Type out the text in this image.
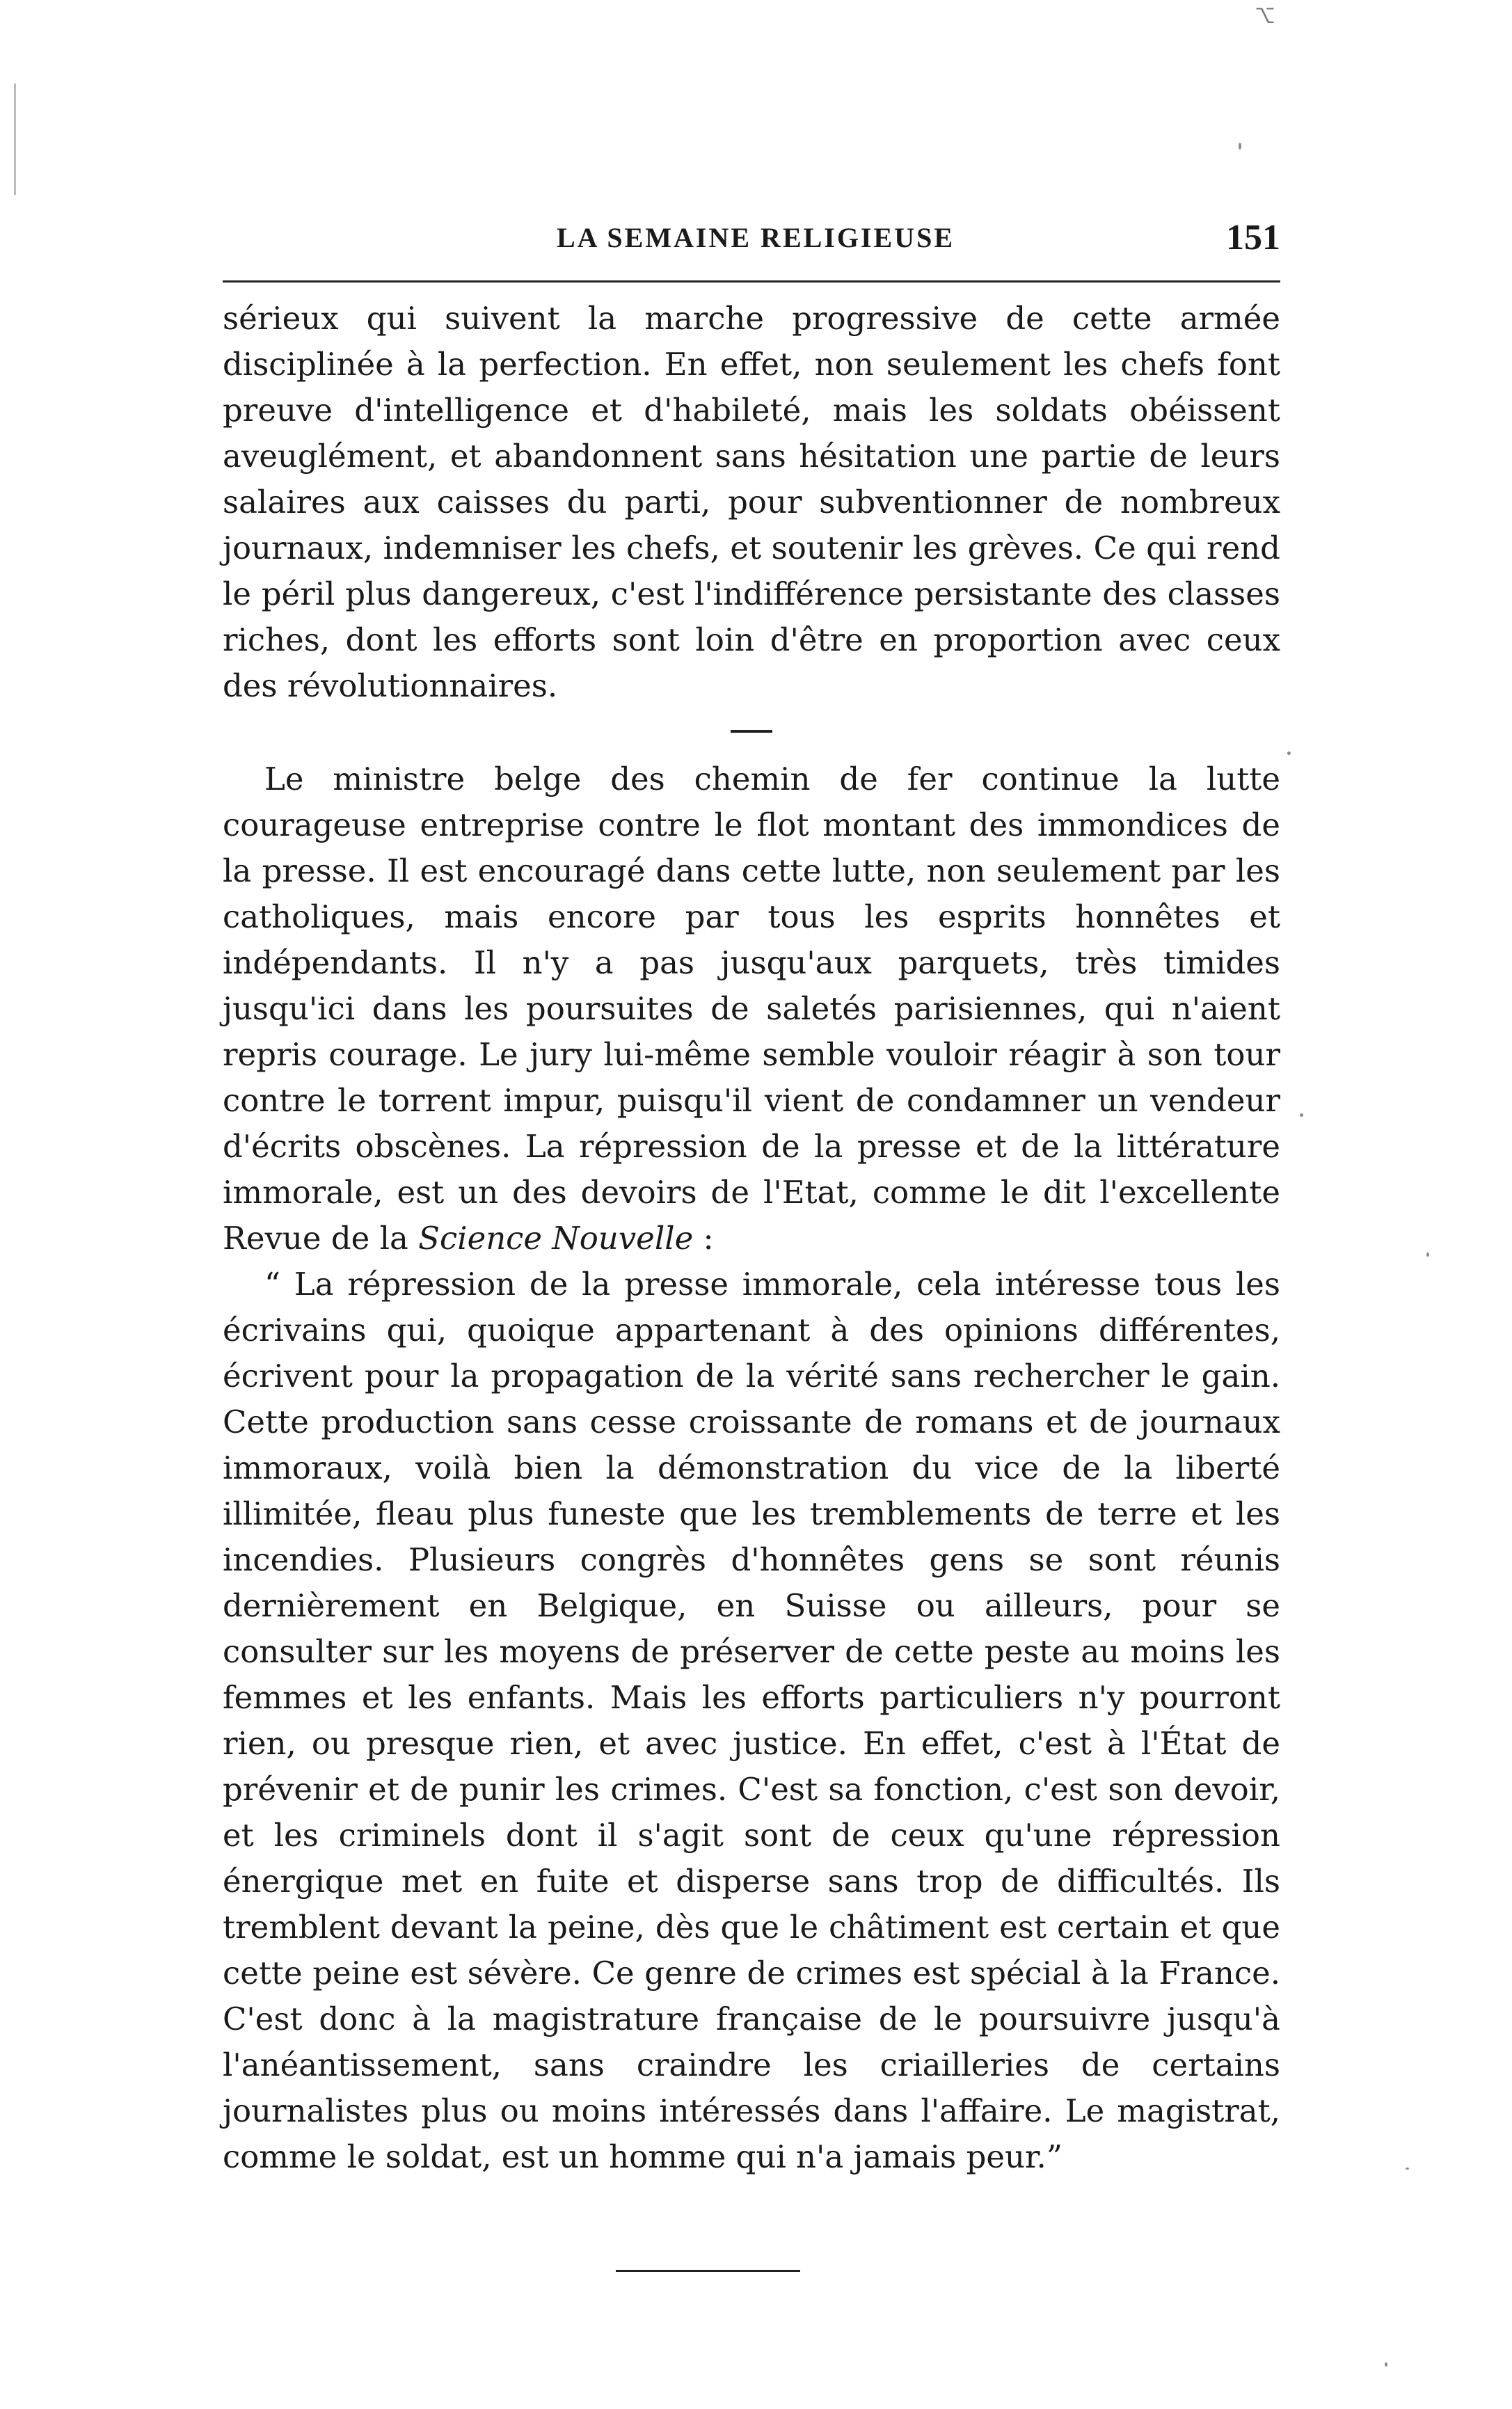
⌥
LA SEMAINE RELIGIEUSE	151

sérieux qui suivent la marche progressive de cette armée disciplinée à la perfection. En effet, non seulement les chefs font preuve d'intelligence et d'habileté, mais les soldats obéissent aveuglément, et abandonnent sans hésitation une partie de leurs salaires aux caisses du parti, pour subventionner de nombreux journaux, indemniser les chefs, et soutenir les grèves. Ce qui rend le péril plus dangereux, c'est l'indifférence persistante des classes riches, dont les efforts sont loin d'être en proportion avec ceux des révolutionnaires.

Le ministre belge des chemin de fer continue la lutte courageuse entreprise contre le flot montant des immondices de la presse. Il est encouragé dans cette lutte, non seulement par les catholiques, mais encore par tous les esprits honnêtes et indépendants. Il n'y a pas jusqu'aux parquets, très timides jusqu'ici dans les poursuites de saletés parisiennes, qui n'aient repris courage. Le jury lui-même semble vouloir réagir à son tour contre le torrent impur, puisqu'il vient de condamner un vendeur d'écrits obscènes. La répression de la presse et de la littérature immorale, est un des devoirs de l'Etat, comme le dit l'excellente Revue de la Science Nouvelle :

“ La répression de la presse immorale, cela intéresse tous les écrivains qui, quoique appartenant à des opinions différentes, écrivent pour la propagation de la vérité sans rechercher le gain. Cette production sans cesse croissante de romans et de journaux immoraux, voilà bien la démonstration du vice de la liberté illimitée, fleau plus funeste que les tremblements de terre et les incendies. Plusieurs congrès d'honnêtes gens se sont réunis dernièrement en Belgique, en Suisse ou ailleurs, pour se consulter sur les moyens de préserver de cette peste au moins les femmes et les enfants. Mais les efforts particuliers n'y pourront rien, ou presque rien, et avec justice. En effet, c'est à l'État de prévenir et de punir les crimes. C'est sa fonction, c'est son devoir, et les criminels dont il s'agit sont de ceux qu'une répression énergique met en fuite et disperse sans trop de difficultés. Ils tremblent devant la peine, dès que le châtiment est certain et que cette peine est sévère. Ce genre de crimes est spécial à la France. C'est donc à la magistrature française de le poursuivre jusqu'à l'anéantissement, sans craindre les criailleries de certains journalistes plus ou moins intéressés dans l'affaire. Le magistrat, comme le soldat, est un homme qui n'a jamais peur.”
